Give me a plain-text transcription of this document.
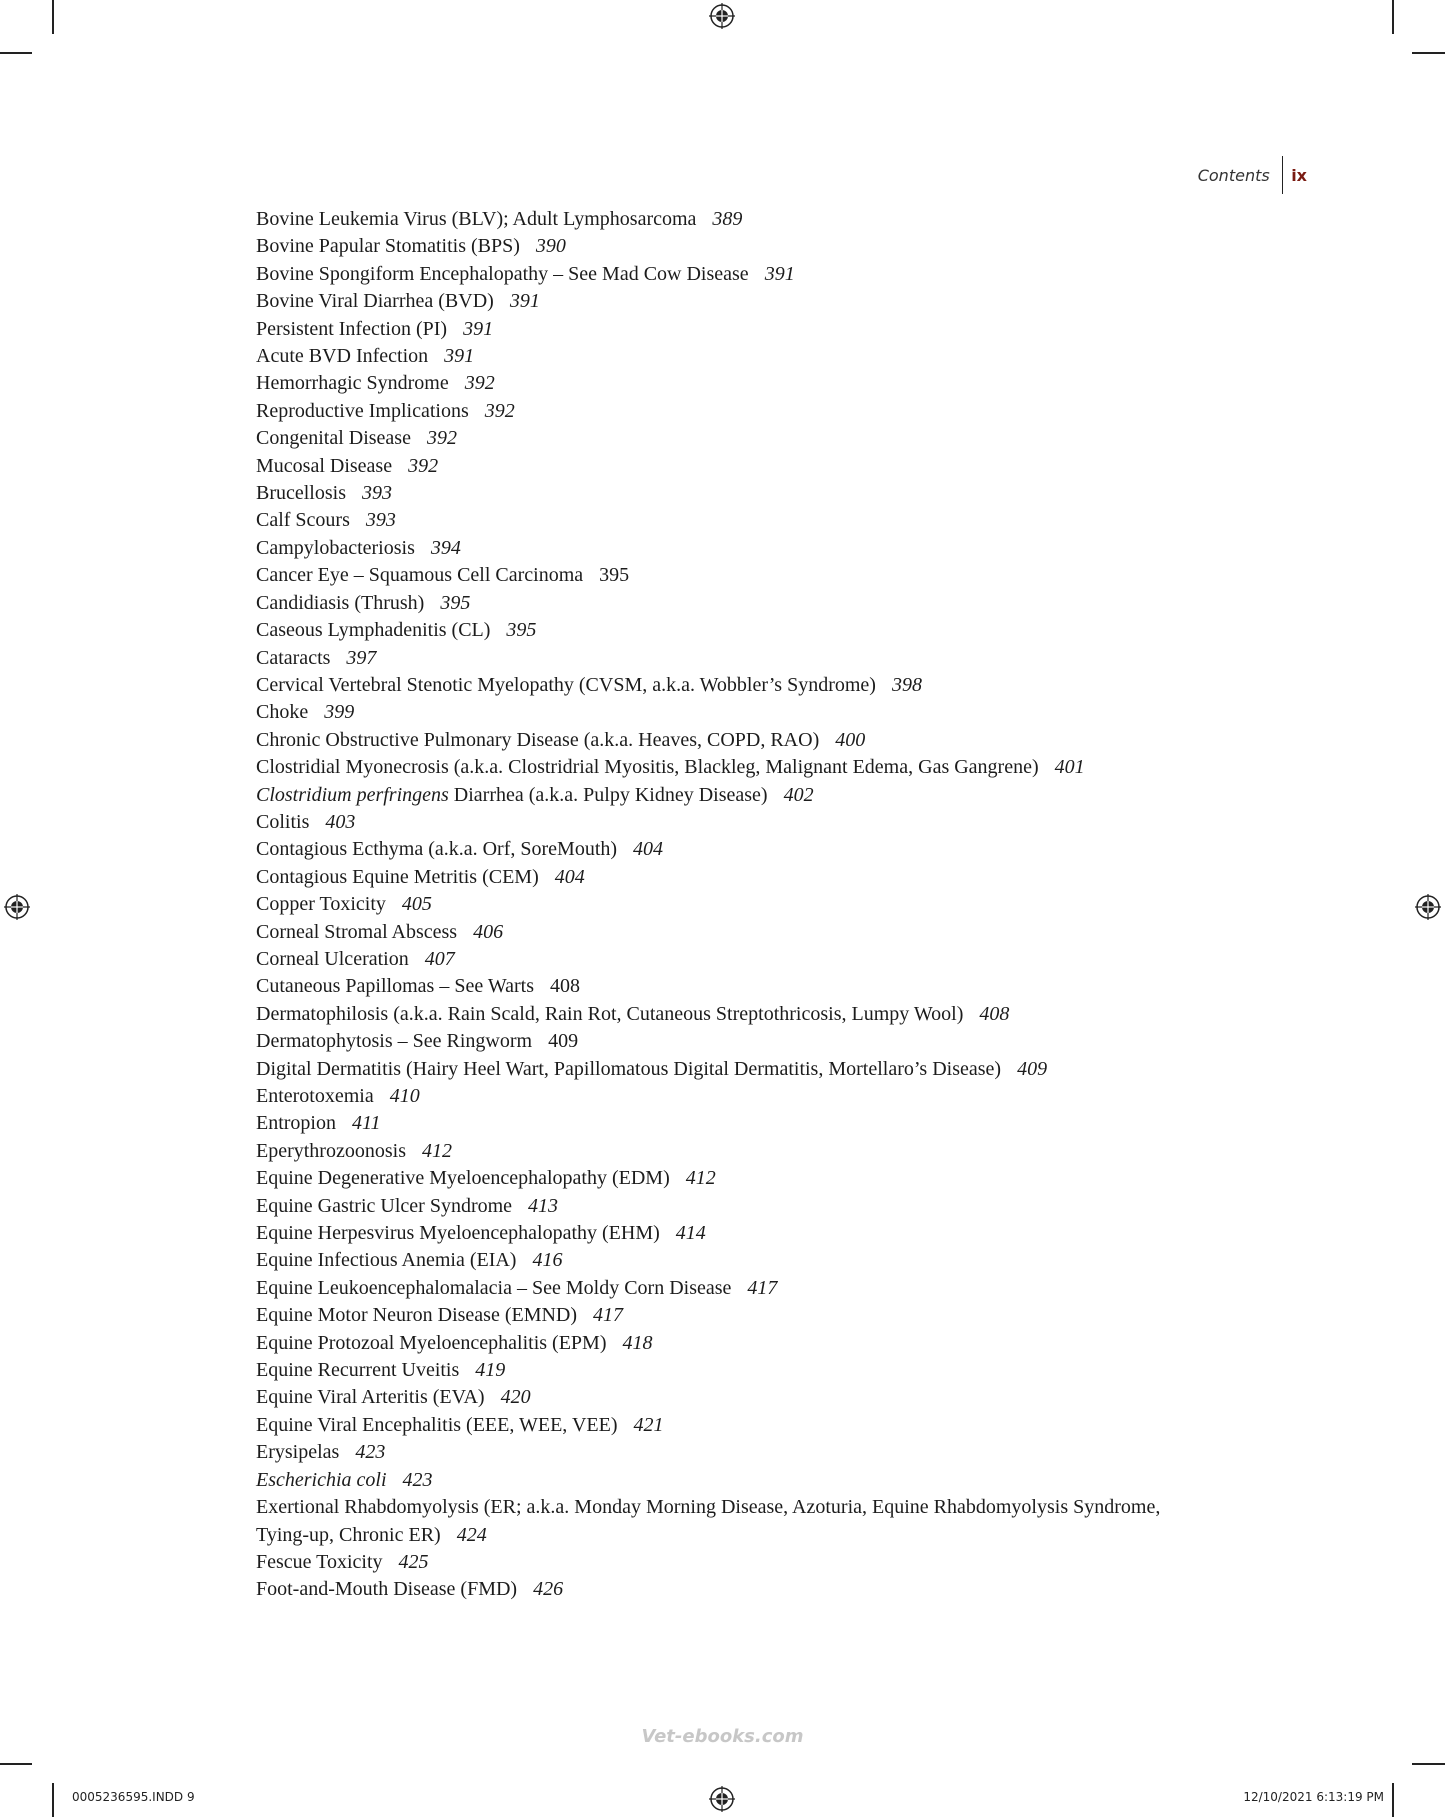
Contents ix
Bovine Leukemia Virus (BLV); Adult Lymphosarcoma 389
Bovine Papular Stomatitis (BPS) 390
Bovine Spongiform Encephalopathy – See Mad Cow Disease 391
Bovine Viral Diarrhea (BVD) 391
Persistent Infection (PI) 391
Acute BVD Infection 391
Hemorrhagic Syndrome 392
Reproductive Implications 392
Congenital Disease 392
Mucosal Disease 392
Brucellosis 393
Calf Scours 393
Campylobacteriosis 394
Cancer Eye – Squamous Cell Carcinoma 395
Candidiasis (Thrush) 395
Caseous Lymphadenitis (CL) 395
Cataracts 397
Cervical Vertebral Stenotic Myelopathy (CVSM, a.k.a. Wobbler’s Syndrome) 398
Choke 399
Chronic Obstructive Pulmonary Disease (a.k.a. Heaves, COPD, RAO) 400
Clostridial Myonecrosis (a.k.a. Clostridrial Myositis, Blackleg, Malignant Edema, Gas Gangrene) 401
Clostridium perfringens Diarrhea (a.k.a. Pulpy Kidney Disease) 402
Colitis 403
Contagious Ecthyma (a.k.a. Orf, SoreMouth) 404
Contagious Equine Metritis (CEM) 404
Copper Toxicity 405
Corneal Stromal Abscess 406
Corneal Ulceration 407
Cutaneous Papillomas – See Warts 408
Dermatophilosis (a.k.a. Rain Scald, Rain Rot, Cutaneous Streptothricosis, Lumpy Wool) 408
Dermatophytosis – See Ringworm 409
Digital Dermatitis (Hairy Heel Wart, Papillomatous Digital Dermatitis, Mortellaro’s Disease) 409
Enterotoxemia 410
Entropion 411
Eperythrozoonosis 412
Equine Degenerative Myeloencephalopathy (EDM) 412
Equine Gastric Ulcer Syndrome 413
Equine Herpesvirus Myeloencephalopathy (EHM) 414
Equine Infectious Anemia (EIA) 416
Equine Leukoencephalomalacia – See Moldy Corn Disease 417
Equine Motor Neuron Disease (EMND) 417
Equine Protozoal Myeloencephalitis (EPM) 418
Equine Recurrent Uveitis 419
Equine Viral Arteritis (EVA) 420
Equine Viral Encephalitis (EEE, WEE, VEE) 421
Erysipelas 423
Escherichia coli 423
Exertional Rhabdomyolysis (ER; a.k.a. Monday Morning Disease, Azoturia, Equine Rhabdomyolysis Syndrome,
Tying-up, Chronic ER) 424
Fescue Toxicity 425
Foot-and-Mouth Disease (FMD) 426
Vet-ebooks.com
0005236595.INDD 9	12/10/2021 6:13:19 PM
